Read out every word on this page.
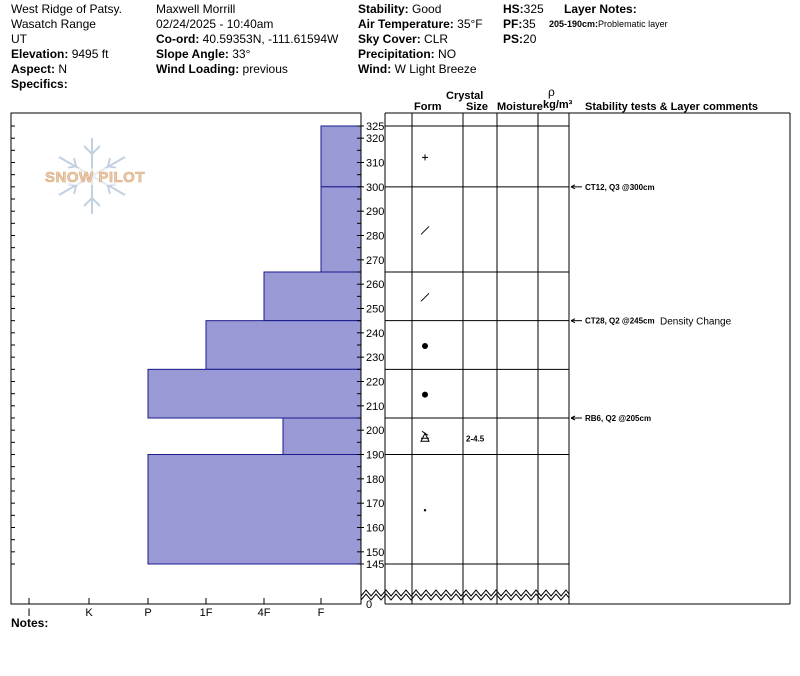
West Ridge of Patsy.
Wasatch Range
UT
Elevation: 9495 ft
Aspect: N
Specifics:
Maxwell Morrill
02/24/2025 - 10:40am
Co-ord: 40.59353N, -111.61594W
Slope Angle: 33°
Wind Loading: previous
Stability: Good
Air Temperature: 35°F
Sky Cover: CLR
Precipitation: NO
Wind: W Light Breeze
HS:325
PF:35
PS:20
Layer Notes:
205-190cm:Problematic layer
SNOW PILOT
I	K	P	1F	4F	F
325
320
310
300
290
280
270
260
250
240
230
220
210
200
190
180
170
160
150
145
0
Crystal
Form Size Moisture
ρ
kg/m³ Stability tests & Layer comments
2-4.5
CT12, Q3 @300cm
CT28, Q2 @245cm Density Change
RB6, Q2 @205cm
Notes:
